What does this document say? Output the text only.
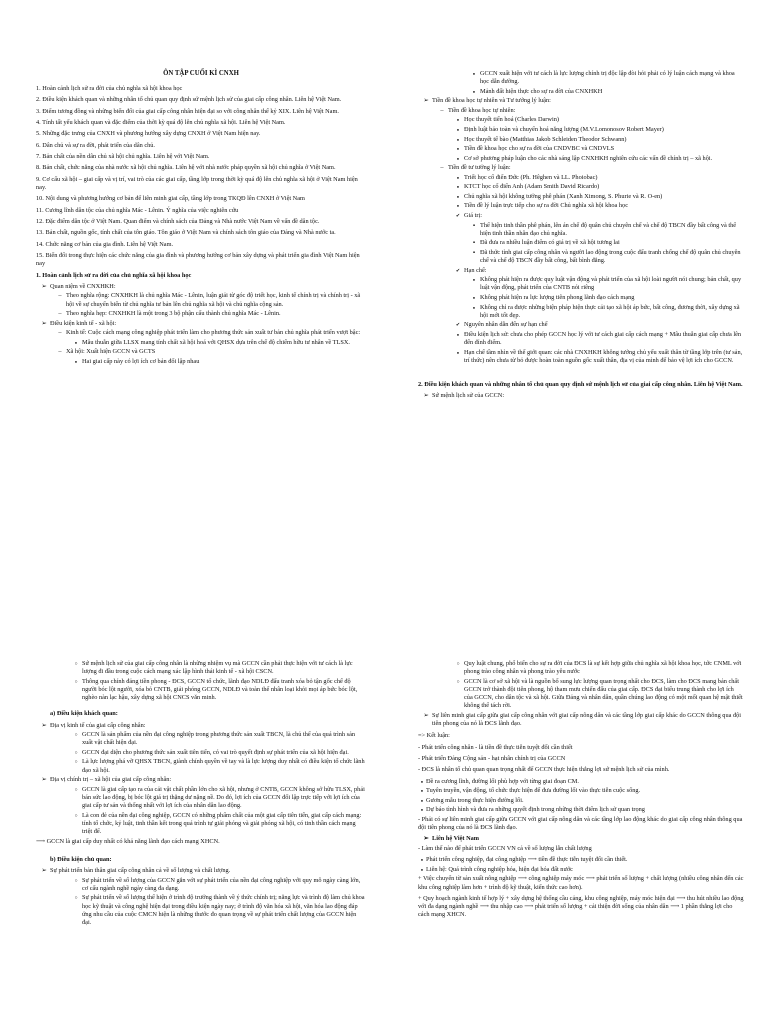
ÔN TẬP CUỐI KÌ CNXH
1. Hoàn cảnh lịch sử ra đời của chủ nghĩa xã hội khoa học
2. Điều kiện khách quan và những nhân tố chủ quan quy định sứ mệnh lịch sử của giai cấp công nhân. Liên hệ Việt Nam.
3. Điểm tương đồng và những biến đổi của giai cấp công nhân hiện đại so với công nhân thế kỷ XIX. Liên hệ Việt Nam.
4. Tính tất yếu khách quan và đặc điểm của thời kỳ quá độ lên chủ nghĩa xã hội. Liên hệ Việt Nam.
5. Những đặc trưng của CNXH và phương hướng xây dựng CNXH ở Việt Nam hiện nay.
6. Dân chủ và sự ra đời, phát triển của dân chủ.
7. Bản chất của nền dân chủ xã hội chủ nghĩa. Liên hệ với Việt Nam.
8. Bản chất, chức năng của nhà nước xã hội chủ nghĩa. Liên hệ với nhà nước pháp quyền xã hội chủ nghĩa ở Việt Nam.
9. Cơ cấu xã hội – giai cấp và vị trí, vai trò của các giai cấp, tầng lớp trong thời kỳ quá độ lên chủ nghĩa xã hội ở Việt Nam hiện nay.
10. Nội dung và phương hướng cơ bản để liên minh giai cấp, tầng lớp trong TKQĐ lên CNXH ở Việt Nam
11. Cương lĩnh dân tộc của chủ nghĩa Mác - Lênin. Ý nghĩa của việc nghiên cứu
12. Đặc điểm dân tộc ở Việt Nam. Quan điểm và chính sách của Đảng và Nhà nước Việt Nam về vấn đề dân tộc.
13. Bản chất, nguồn gốc, tính chất của tôn giáo. Tôn giáo ở Việt Nam và chính sách tôn giáo của Đảng và Nhà nước ta.
14. Chức năng cơ bản của gia đình. Liên hệ Việt Nam.
15. Biến đổi trong thực hiện các chức năng của gia đình và phương hướng cơ bản xây dựng và phát triển gia đình Việt Nam hiện nay
1. Hoàn cảnh lịch sử ra đời của chủ nghĩa xã hội khoa học
➢
Quan niệm về CNXHKH:
–
Theo nghĩa rộng: CNXHKH là chủ nghĩa Mác - Lênin, luận giải từ góc độ triết học, kinh tế chính trị và chính trị - xã hội về sự chuyển biến từ chủ nghĩa tư bản lên chủ nghĩa xã hội và chủ nghĩa cộng sản.
–
Theo nghĩa hẹp: CNXHKH là một trong 3 bộ phận cấu thành chủ nghĩa Mác - Lênin.
➢
Điều kiện kinh tế - xã hội:
–
Kinh tế: Cuộc cách mạng công nghiệp phát triển làm cho phương thức sản xuất tư bản chủ nghĩa phát triển vượt bậc:
●
Mâu thuẫn giữa LLSX mang tính chất xã hội hoá với QHSX dựa trên chế độ chiếm hữu tư nhân về TLSX.
–
Xã hội: Xuất hiện GCCN và GCTS
●
Hai giai cấp này có lợi ích cơ bản đối lập nhau
●
GCCN xuất hiện với tư cách là lực lượng chính trị độc lập đòi hỏi phải có lý luận cách mạng và khoa học dẫn đường.
●
Mảnh đất hiện thực cho sự ra đời của CNXHKH
➢
Tiền đề khoa học tự nhiên và Tư tưởng lý luận:
–
Tiền đề khoa học tự nhiên:
●
Học thuyết tiến hoá (Charles Darwin)
●
Định luật bảo toàn và chuyển hoá năng lượng (M.V.Lomonosov Robert Mayer)
●
Học thuyết tế bào (Matthias Jakob Schleiden Theodor Schwann)
●
Tiền đề khoa học cho sự ra đời của CNDVBC và CNDVLS
●
Cơ sở phương pháp luận cho các nhà sáng lập CNXHKH nghiên cứu các vấn đề chính trị – xã hội.
–
Tiền đề tư tưởng lý luận:
●
Triết học cổ điển Đức (Ph. Hêghen và LL. Phoiobac)
●
KTCT học cổ điển Anh (Adam Smith David Ricardo)
●
Chủ nghĩa xã hội không tưởng phê phán (Xanh Ximong, S. Phurie và R. O-en)
●
Tiền đề lý luận trực tiếp cho sự ra đời Chủ nghĩa xã hội khoa học
✔
Giá trị:
▪
Thể hiện tinh thần phê phán, lên án chế độ quân chủ chuyên chế và chế độ TBCN đầy bất công và thể hiện tinh thần nhân đạo chủ nghĩa.
▪
Đã đưa ra nhiều luận điểm có giá trị về xã hội tương lai
▪
Đã thức tỉnh giai cấp công nhân và người lao động trong cuộc đấu tranh chống chế độ quân chủ chuyên chế và chế độ TBCN đầy bất công, bất bình đẳng.
✔
Hạn chế:
●
Không phát hiện ra được quy luật vận động và phát triển của xã hội loài người nói chung; bản chất, quy luật vận động, phát triển của CNTB nói riêng
●
Không phát hiện ra lực lượng tiên phong lãnh đạo cách mạng
●
Không chỉ ra được những biện pháp hiện thực cải tạo xã hội áp bức, bất công, đương thời, xây dựng xã hội mới tốt đẹp.
✔
Nguyên nhân dẫn đến sự hạn chế
●
Điều kiện lịch sử: chưa cho phép GCCN học lý với tư cách giai cấp cách mạng + Mâu thuẫn giai cấp chưa lên đến đỉnh điểm.
●
Hạn chế tầm nhìn về thế giới quan: các nhà CNXHKH không tưởng chủ yếu xuất thân từ tầng lớp trên (tư sản, trí thức) nên chưa từ bỏ được hoàn toàn nguồn gốc xuất thân, địa vị của mình để bảo vệ lợi ích cho GCCN.
2. Điều kiện khách quan và những nhân tố chủ quan quy định sứ mệnh lịch sử của giai cấp công nhân. Liên hệ Việt Nam.
➢
Sứ mệnh lịch sử của GCCN:
○
Sứ mệnh lịch sử của giai cấp công nhân là những nhiệm vụ mà GCCN cần phải thực hiện với tư cách là lực lượng đi đầu trong cuộc cách mạng xác lập hình thái kinh tế - xã hội CSCN.
○
Thông qua chính đảng tiền phong - ĐCS, GCCN tổ chức, lãnh đạo NDLĐ đấu tranh xóa bỏ tận gốc chế độ người bóc lột người, xóa bỏ CNTB, giải phóng GCCN, NDLĐ và toàn thể nhân loại khỏi mọi áp bức bóc lột, nghèo nàn lạc hậu, xây dựng xã hội CNCS văn minh.
a) Điều kiện khách quan:
➢
Địa vị kinh tế của giai cấp công nhân:
○
GCCN là sản phẩm của nền đại công nghiệp trong phương thức sản xuất TBCN, là chủ thể của quá trình sản xuất vật chất hiện đại.
○
GCCN đại diện cho phương thức sản xuất tiên tiến, có vai trò quyết định sự phát triển của xã hội hiện đại.
○
Là lực lượng phá vỡ QHSX TBCN, giành chính quyền về tay và là lực lượng duy nhất có điều kiện tổ chức lãnh đạo xã hội.
➢
Địa vị chính trị – xã hội của giai cấp công nhân:
○
GCCN là giai cấp tạo ra của cải vật chất phần lớn cho xã hội, nhưng ở CNTB, GCCN không sở hữu TLSX, phải bán sức lao động, bị bóc lột giá trị thặng dư nặng nề. Do đó, lợi ích của GCCN đối lập trực tiếp với lợi ích của giai cấp tư sản và thống nhất với lợi ích của nhân dân lao động.
○
Là con đẻ của nền đại công nghiệp, GCCN có những phẩm chất của một giai cấp tiên tiến, giai cấp cách mạng: tính tổ chức, kỷ luật, tinh thần kết trong quá trình tự giải phóng và giải phóng xã hội, có tinh thần cách mạng triệt để.
⟶ GCCN là giai cấp duy nhất có khả năng lãnh đạo cách mạng XHCN.
b) Điều kiện chủ quan:
➢
Sự phát triển bản thân giai cấp công nhân cả về số lượng và chất lượng.
○
Sự phát triển về số lượng của GCCN gắn với sự phát triển của nền đại công nghiệp với quy mô ngày càng lớn, cơ cấu ngành nghề ngày càng đa dạng.
○
Sự phát triển về số lượng thể hiện ở trình độ trưởng thành về ý thức chính trị; năng lực và trình độ làm chủ khoa học kỹ thuật và công nghệ hiện đại trong điều kiện ngày nay; ở trình độ văn hóa xã hội, văn hóa lao động đáp ứng nhu cầu của cuộc CMCN hiện là những thước đo quan trọng về sự phát triển chất lượng của GCCN hiện đại.
○
Quy luật chung, phổ biến cho sự ra đời của ĐCS là sự kết hợp giữa chủ nghĩa xã hội khoa học, tức CNML với phong trào công nhân và phong trào yêu nước
○
GCCN là cơ sở xã hội và là nguồn bổ sung lực lượng quan trọng nhất cho ĐCS, làm cho ĐCS mang bản chất GCCN trở thành đội tiên phong, hộ tham mưu chiến đấu của giai cấp. ĐCS đại biểu trung thành cho lợi ích của GCCN, cho dân tộc và xã hội. Giữa Đảng và nhân dân, quần chúng lao động có một mối quan hệ mật thiết không thể tách rời.
➢
Sự liên minh giai cấp giữa giai cấp công nhân với giai cấp nông dân và các tầng lớp giai cấp khác do GCCN thông qua đội tiên phong của nó là ĐCS lãnh đạo.
=> Kết luận:
- Phát triển công nhân - là tiền đề thực tiễn tuyệt đối cần thiết
- Phát triển Đảng Cộng sản - hạt nhân chính trị của GCCN
- ĐCS là nhân tố chủ quan quan trọng nhất để GCCN thực hiện thắng lợi sứ mệnh lịch sử của mình.
●
Đề ra cương lĩnh, đường lối phù hợp với từng giai đoạn CM.
●
Tuyên truyền, vận động, tổ chức thực hiện để đưa đường lối vào thực tiễn cuộc sống.
●
Gương mẫu trong thực hiện đường lối.
●
Dự báo tình hình và đưa ra những quyết định trong những thời điểm lịch sử quan trọng
- Phải có sự liên minh giai cấp giữa GCCN với giai cấp nông dân và các tầng lớp lao động khác do giai cấp công nhân thông qua đội tiên phong của nó là ĐCS lãnh đạo.
➢
Liên hệ Việt Nam
- Làm thế nào để phát triển GCCN VN cả về số lượng lẫn chất lượng
●
Phát triển công nghiệp, đại công nghiệp ⟶ tiền đề thực tiễn tuyệt đối cần thiết.
●
Liên hệ: Quá trình công nghiệp hóa, hiện đại hóa đất nước
+ Việc chuyển từ sản xuất nông nghiệp ⟶ công nghiệp máy móc ⟶ phát triển số lượng + chất lượng (nhiều công nhân đến các khu công nghiệp làm hơn + trình độ kỹ thuật, kiến thức cao hơn).
+ Quy hoạch ngành kinh tế hợp lý + xây dựng hệ thống cầu cảng, khu công nghiệp, máy móc hiện đại ⟶ thu hút nhiều lao động với đa dạng ngành nghề ⟶ thu nhập cao ⟶ phát triển số lượng + cải thiện đời sống của nhân dân ⟶ 1 phần thắng lợi cho cách mạng XHCN.
